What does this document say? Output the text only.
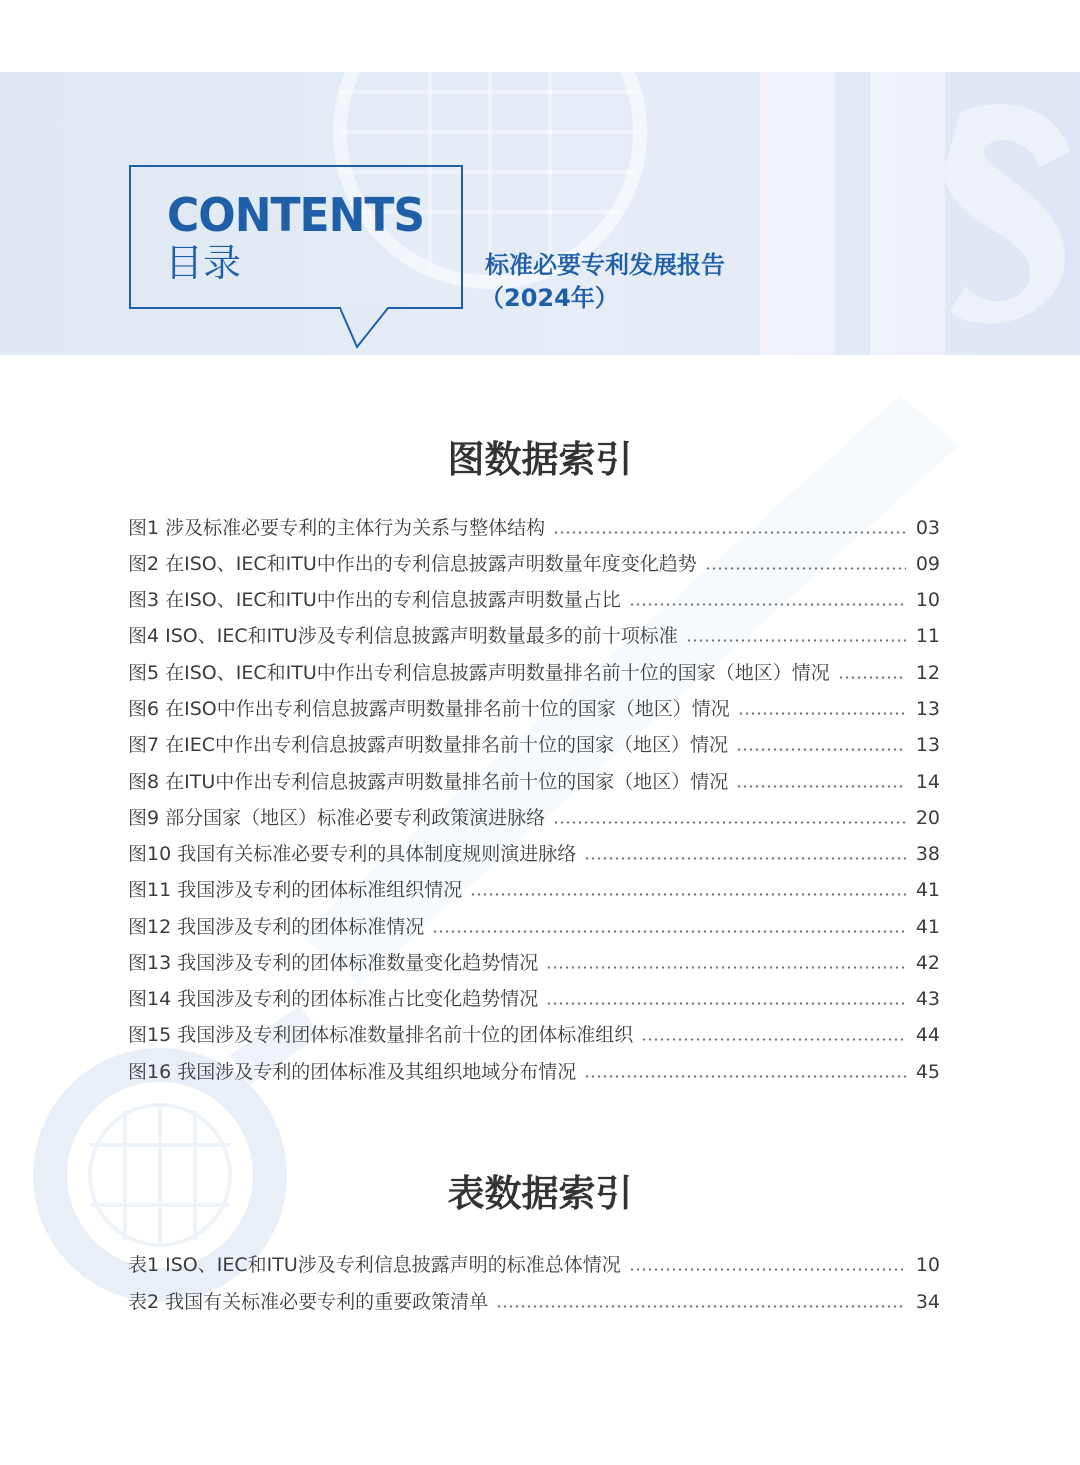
CONTENTS
目录	标准必要专利发展报告
（2024年）
图数据索引
图1 涉及标准必要专利的主体行为关系与整体结构	03
图2 在ISO、IEC和ITU中作出的专利信息披露声明数量年度变化趋势	09
图3 在ISO、IEC和ITU中作出的专利信息披露声明数量占比	10
图4 ISO、IEC和ITU涉及专利信息披露声明数量最多的前十项标准	11
图5 在ISO、IEC和ITU中作出专利信息披露声明数量排名前十位的国家（地区）情况	12
图6 在ISO中作出专利信息披露声明数量排名前十位的国家（地区）情况	13
图7 在IEC中作出专利信息披露声明数量排名前十位的国家（地区）情况	13
图8 在ITU中作出专利信息披露声明数量排名前十位的国家（地区）情况	14
图9 部分国家（地区）标准必要专利政策演进脉络	20
图10 我国有关标准必要专利的具体制度规则演进脉络	38
图11 我国涉及专利的团体标准组织情况	41
图12 我国涉及专利的团体标准情况	41
图13 我国涉及专利的团体标准数量变化趋势情况	42
图14 我国涉及专利的团体标准占比变化趋势情况	43
图15 我国涉及专利团体标准数量排名前十位的团体标准组织	44
图16 我国涉及专利的团体标准及其组织地域分布情况	45
表数据索引
表1 ISO、IEC和ITU涉及专利信息披露声明的标准总体情况	10
表2 我国有关标准必要专利的重要政策清单	34
